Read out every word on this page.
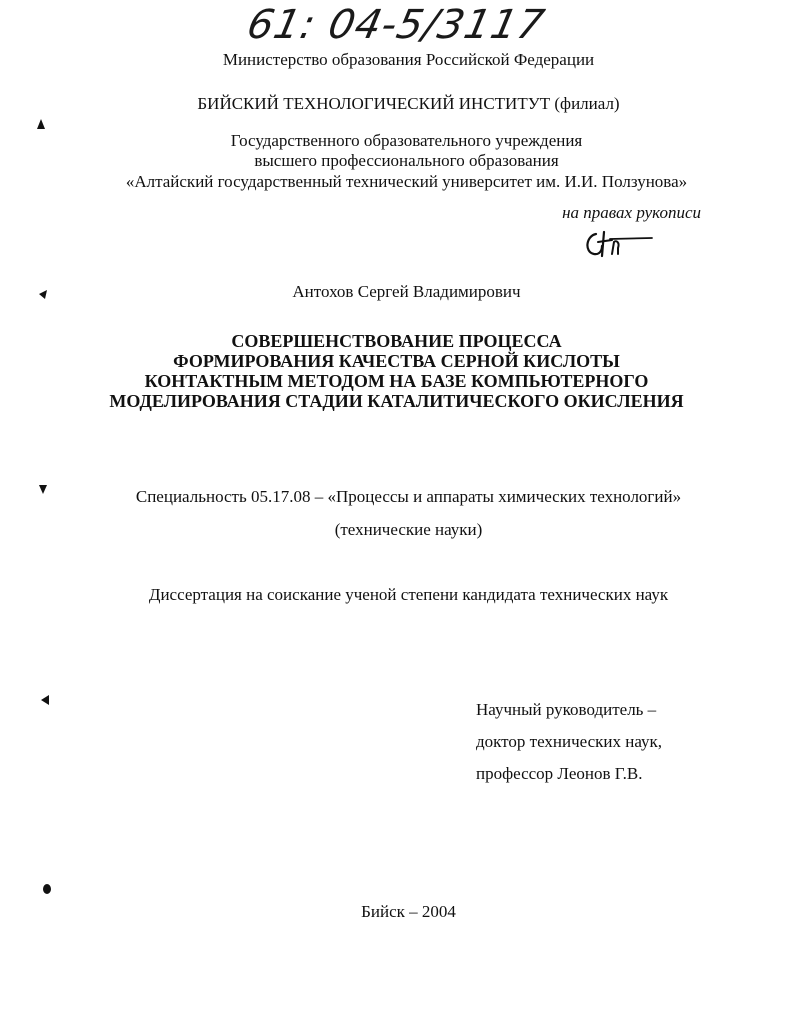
61: 04-5/3117
Министерство образования Российской Федерации
БИЙСКИЙ ТЕХНОЛОГИЧЕСКИЙ ИНСТИТУТ (филиал)
Государственного образовательного учреждения
высшего профессионального образования
«Алтайский государственный технический университет им. И.И. Ползунова»
на правах рукописи
Антохов Сергей Владимирович
СОВЕРШЕНСТВОВАНИЕ ПРОЦЕССА
ФОРМИРОВАНИЯ КАЧЕСТВА СЕРНОЙ КИСЛОТЫ
КОНТАКТНЫМ МЕТОДОМ НА БАЗЕ КОМПЬЮТЕРНОГО
МОДЕЛИРОВАНИЯ СТАДИИ КАТАЛИТИЧЕСКОГО ОКИСЛЕНИЯ
Специальность 05.17.08 – «Процессы и аппараты химических технологий»
(технические науки)
Диссертация на соискание ученой степени кандидата технических наук
Научный руководитель –
доктор технических наук,
профессор Леонов Г.В.
Бийск – 2004
